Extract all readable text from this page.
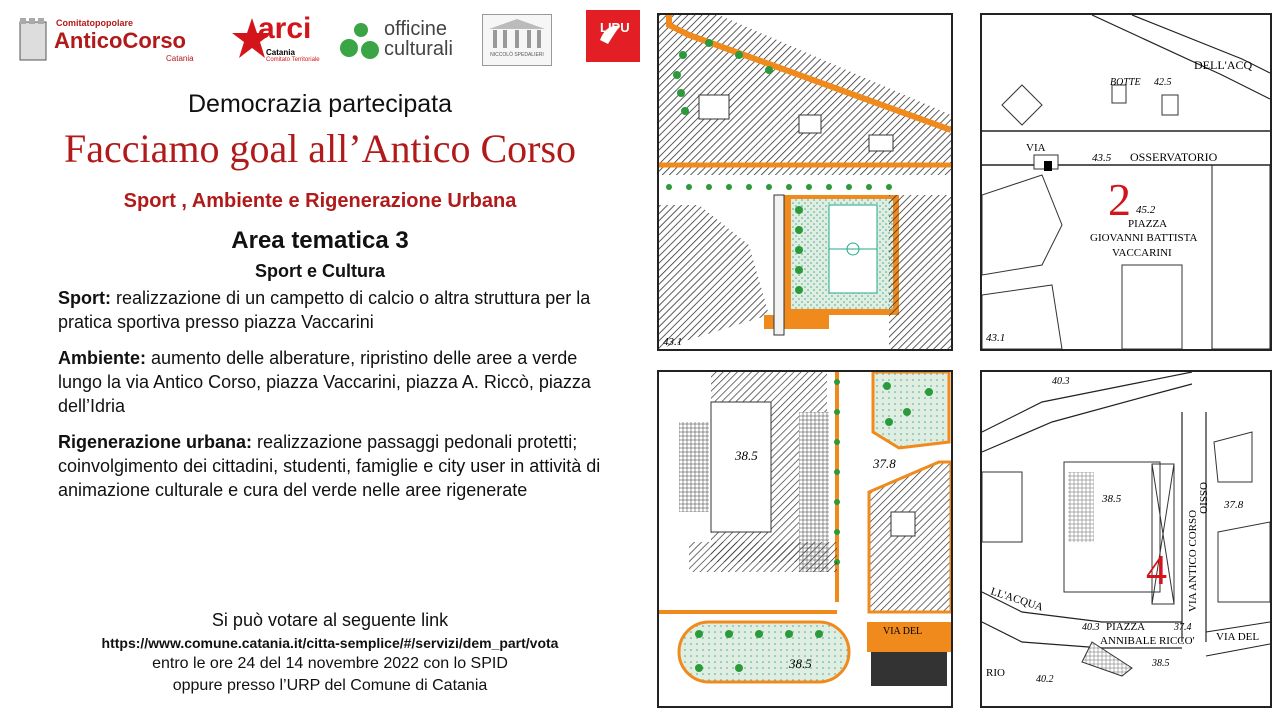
Comitatopopolare
AnticoCorso
Catania
arci
Catania
Comitato Territoriale
officine
culturali	NICCOLÒ SPEDALIERI
LIPU
Democrazia partecipata
Facciamo goal all’Antico Corso
Sport , Ambiente e Rigenerazione Urbana
Area tematica 3
Sport e Cultura
Sport: realizzazione di un campetto di calcio o altra struttura per la pratica sportiva presso piazza Vaccarini
Ambiente: aumento delle alberature, ripristino delle aree a verde lungo la via Antico Corso, piazza Vaccarini, piazza A. Riccò, piazza dell’Idria
Rigenerazione urbana: realizzazione passaggi pedonali protetti; coinvolgimento dei cittadini, studenti, famiglie e city user in attività di animazione culturale e cura del verde nelle aree rigenerate
Si può votare al seguente link
https://www.comune.catania.it/citta-semplice/#/servizi/dem_part/vota
entro le ore 24 del 14 novembre 2022 con lo SPID
oppure presso l’URP del Comune di Catania
43.1
BOTTE 42.5
DELL'ACQ
VIA
43.5 OSSERVATORIO
2 45.2
PIAZZA
GIOVANNI BATTISTA
VACCARINI
43.1
38.5
37.8
38.5
VIA DEL
40.3
38.5	37.8
4 VIA ANTICO CORSO
OSSIO
LL'ACQUA
40.3 PIAZZA	37.4
ANNIBALE RICCO' VIA DEL
RIO
40.2
38.5
